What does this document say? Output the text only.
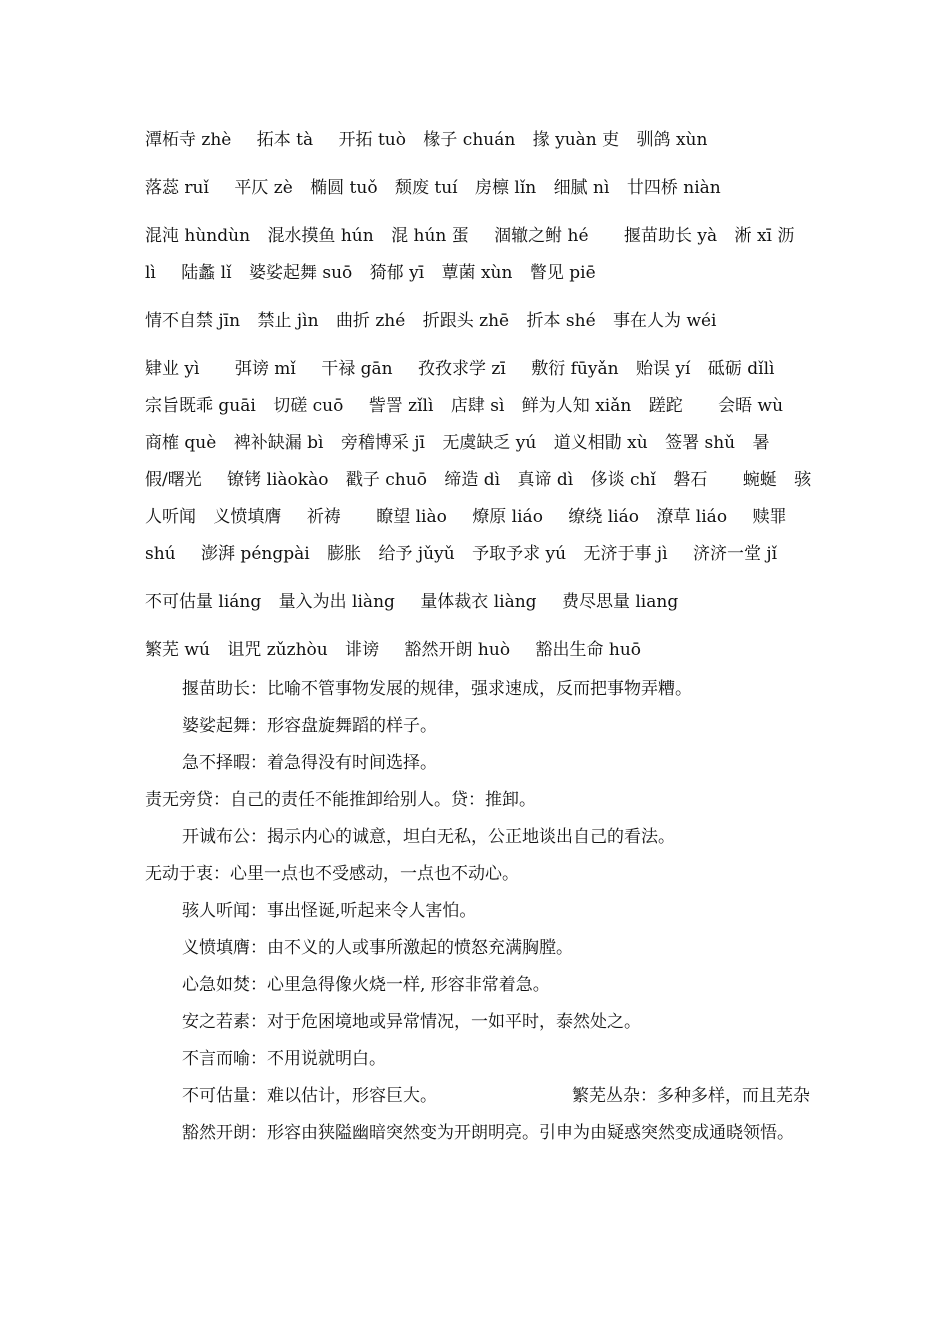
潭柘寺 zhè 拓本 tà 开拓 tuò 椽子 chuán 掾 yuàn 吏 驯鸽 xùn
落蕊 ruǐ 平仄 zè 椭圆 tuǒ 颓废 tuí 房檩 lǐn 细腻 nì 廿四桥 niàn
混沌 hùndùn 混水摸鱼 hún 混 hún 蛋 涸辙之鲋 hé 揠苗助长 yà 淅 xī 沥
lì 陆蠡 lǐ 婆娑起舞 suō 猗郁 yī 蕈菌 xùn 瞥见 piē
情不自禁 jīn 禁止 jìn 曲折 zhé 折跟头 zhē 折本 shé 事在人为 wéi
肄业 yì 弭谤 mǐ 干禄 gān 孜孜求学 zī 敷衍 fūyǎn 贻误 yí 砥砺 dǐlì
宗旨既乖 guāi 切磋 cuō 訾詈 zǐlì 店肆 sì 鲜为人知 xiǎn 蹉跎 会晤 wù
商榷 què 裨补缺漏 bì 旁稽博采 jī 无虞缺乏 yú 道义相勖 xù 签署 shǔ 暑
假/曙光 镣铐 liàokào 戳子 chuō 缔造 dì 真谛 dì 侈谈 chǐ 磐石 蜿蜒 骇
人听闻 义愤填膺 祈祷 瞭望 liào 燎原 liáo 缭绕 liáo 潦草 liáo 赎罪
shú 澎湃 péngpài 膨胀 给予 jǔyǔ 予取予求 yú 无济于事 jì 济济一堂 jǐ
不可估量 liáng 量入为出 liàng 量体裁衣 liàng 费尽思量 liang
繁芜 wú 诅咒 zǔzhòu 诽谤 豁然开朗 huò 豁出生命 huō
揠苗助长：比喻不管事物发展的规律，强求速成，反而把事物弄糟。
婆娑起舞：形容盘旋舞蹈的样子。
急不择暇：着急得没有时间选择。
责无旁贷：自己的责任不能推卸给别人。贷：推卸。
开诚布公：揭示内心的诚意，坦白无私，公正地谈出自己的看法。
无动于衷：心里一点也不受感动，一点也不动心。
骇人听闻：事出怪诞,听起来令人害怕。
义愤填膺：由不义的人或事所激起的愤怒充满胸膛。
心急如焚：心里急得像火烧一样, 形容非常着急。
安之若素：对于危困境地或异常情况，一如平时，泰然处之。
不言而喻：不用说就明白。
不可估量：难以估计，形容巨大。	繁芜丛杂：多种多样，而且芜杂
豁然开朗：形容由狭隘幽暗突然变为开朗明亮。引申为由疑惑突然变成通晓领悟。
